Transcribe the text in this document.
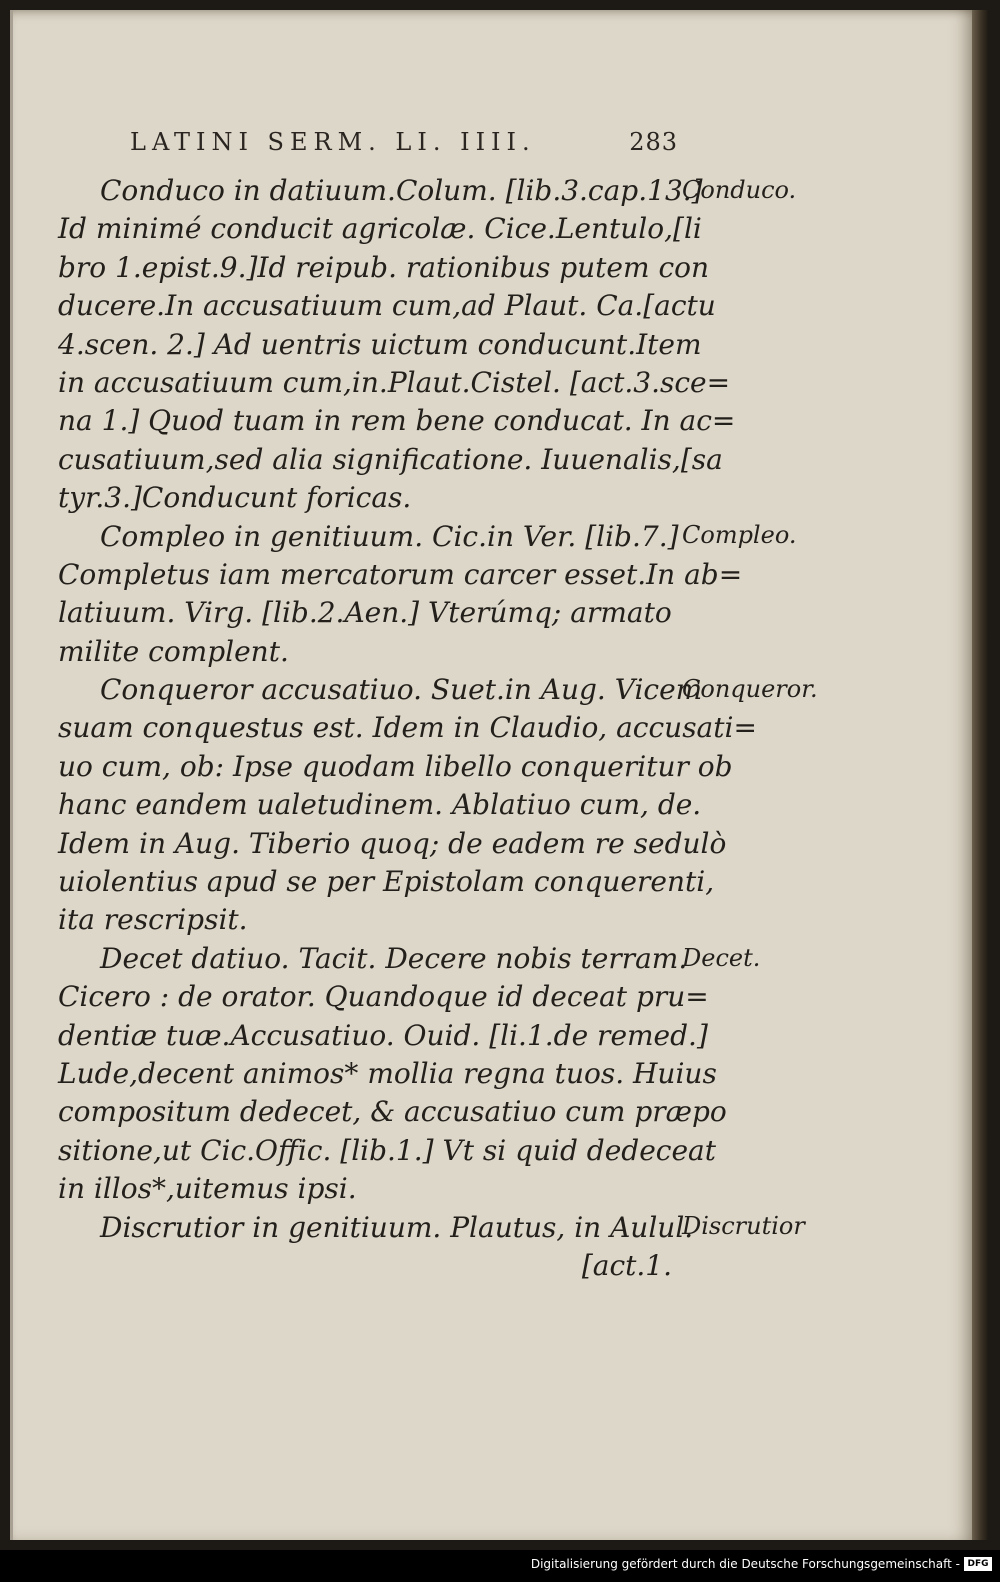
LATINI SERM. LI. IIII.	283
Conduco in datiuum.Colum. [lib.3.cap.13.]
Id minimé conducit agricolæ. Cice.Lentulo,[li
bro 1.epist.9.]Id reipub. rationibus putem con
ducere.In accusatiuum cum,ad Plaut. Ca.[actu
4.scen. 2.] Ad uentris uictum conducunt.Item
in accusatiuum cum,in.Plaut.Cistel. [act.3.sce=
na 1.] Quod tuam in rem bene conducat. In ac=
cusatiuum,sed alia significatione. Iuuenalis,[sa
tyr.3.]Conducunt foricas.
Compleo in genitiuum. Cic.in Ver. [lib.7.]
Completus iam mercatorum carcer esset.In ab=
latiuum. Virg. [lib.2.Aen.] Vterúmq; armato
milite complent.
Conqueror accusatiuo. Suet.in Aug. Vicem
suam conquestus est. Idem in Claudio, accusati=
uo cum, ob: Ipse quodam libello conqueritur ob
hanc eandem ualetudinem. Ablatiuo cum, de.
Idem in Aug. Tiberio quoq; de eadem re sedulò
uiolentius apud se per Epistolam conquerenti,
ita rescripsit.
Decet datiuo. Tacit. Decere nobis terram.
Cicero : de orator. Quandoque id deceat pru=
dentiæ tuæ.Accusatiuo. Ouid. [li.1.de remed.]
Lude,decent animos* mollia regna tuos. Huius
compositum dedecet, & accusatiuo cum præpo
sitione,ut Cic.Offic. [lib.1.] Vt si quid dedeceat
in illos*,uitemus ipsi.
Discrutior in genitiuum. Plautus, in Aulul.
[act.1.
Conduco.
Compleo.
Conqueror.
Decet.
Discrutior
Digitalisierung gefördert durch die Deutsche Forschungsgemeinschaft - DFG
